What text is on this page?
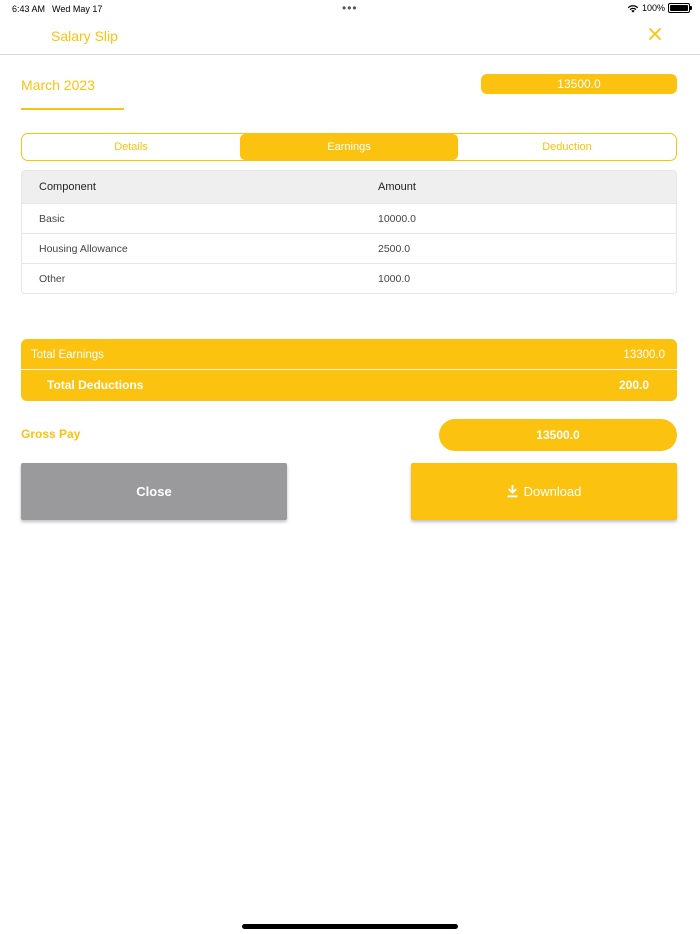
6:43 AM Wed May 17	•••	100%
Salary Slip
March 2023	13500.0
Details	Earnings	Deduction
Component	Amount
Basic	10000.0
Housing Allowance	2500.0
Other	1000.0
Total Earnings	13300.0
Total Deductions	200.0
Gross Pay	13500.0
Close	Download
